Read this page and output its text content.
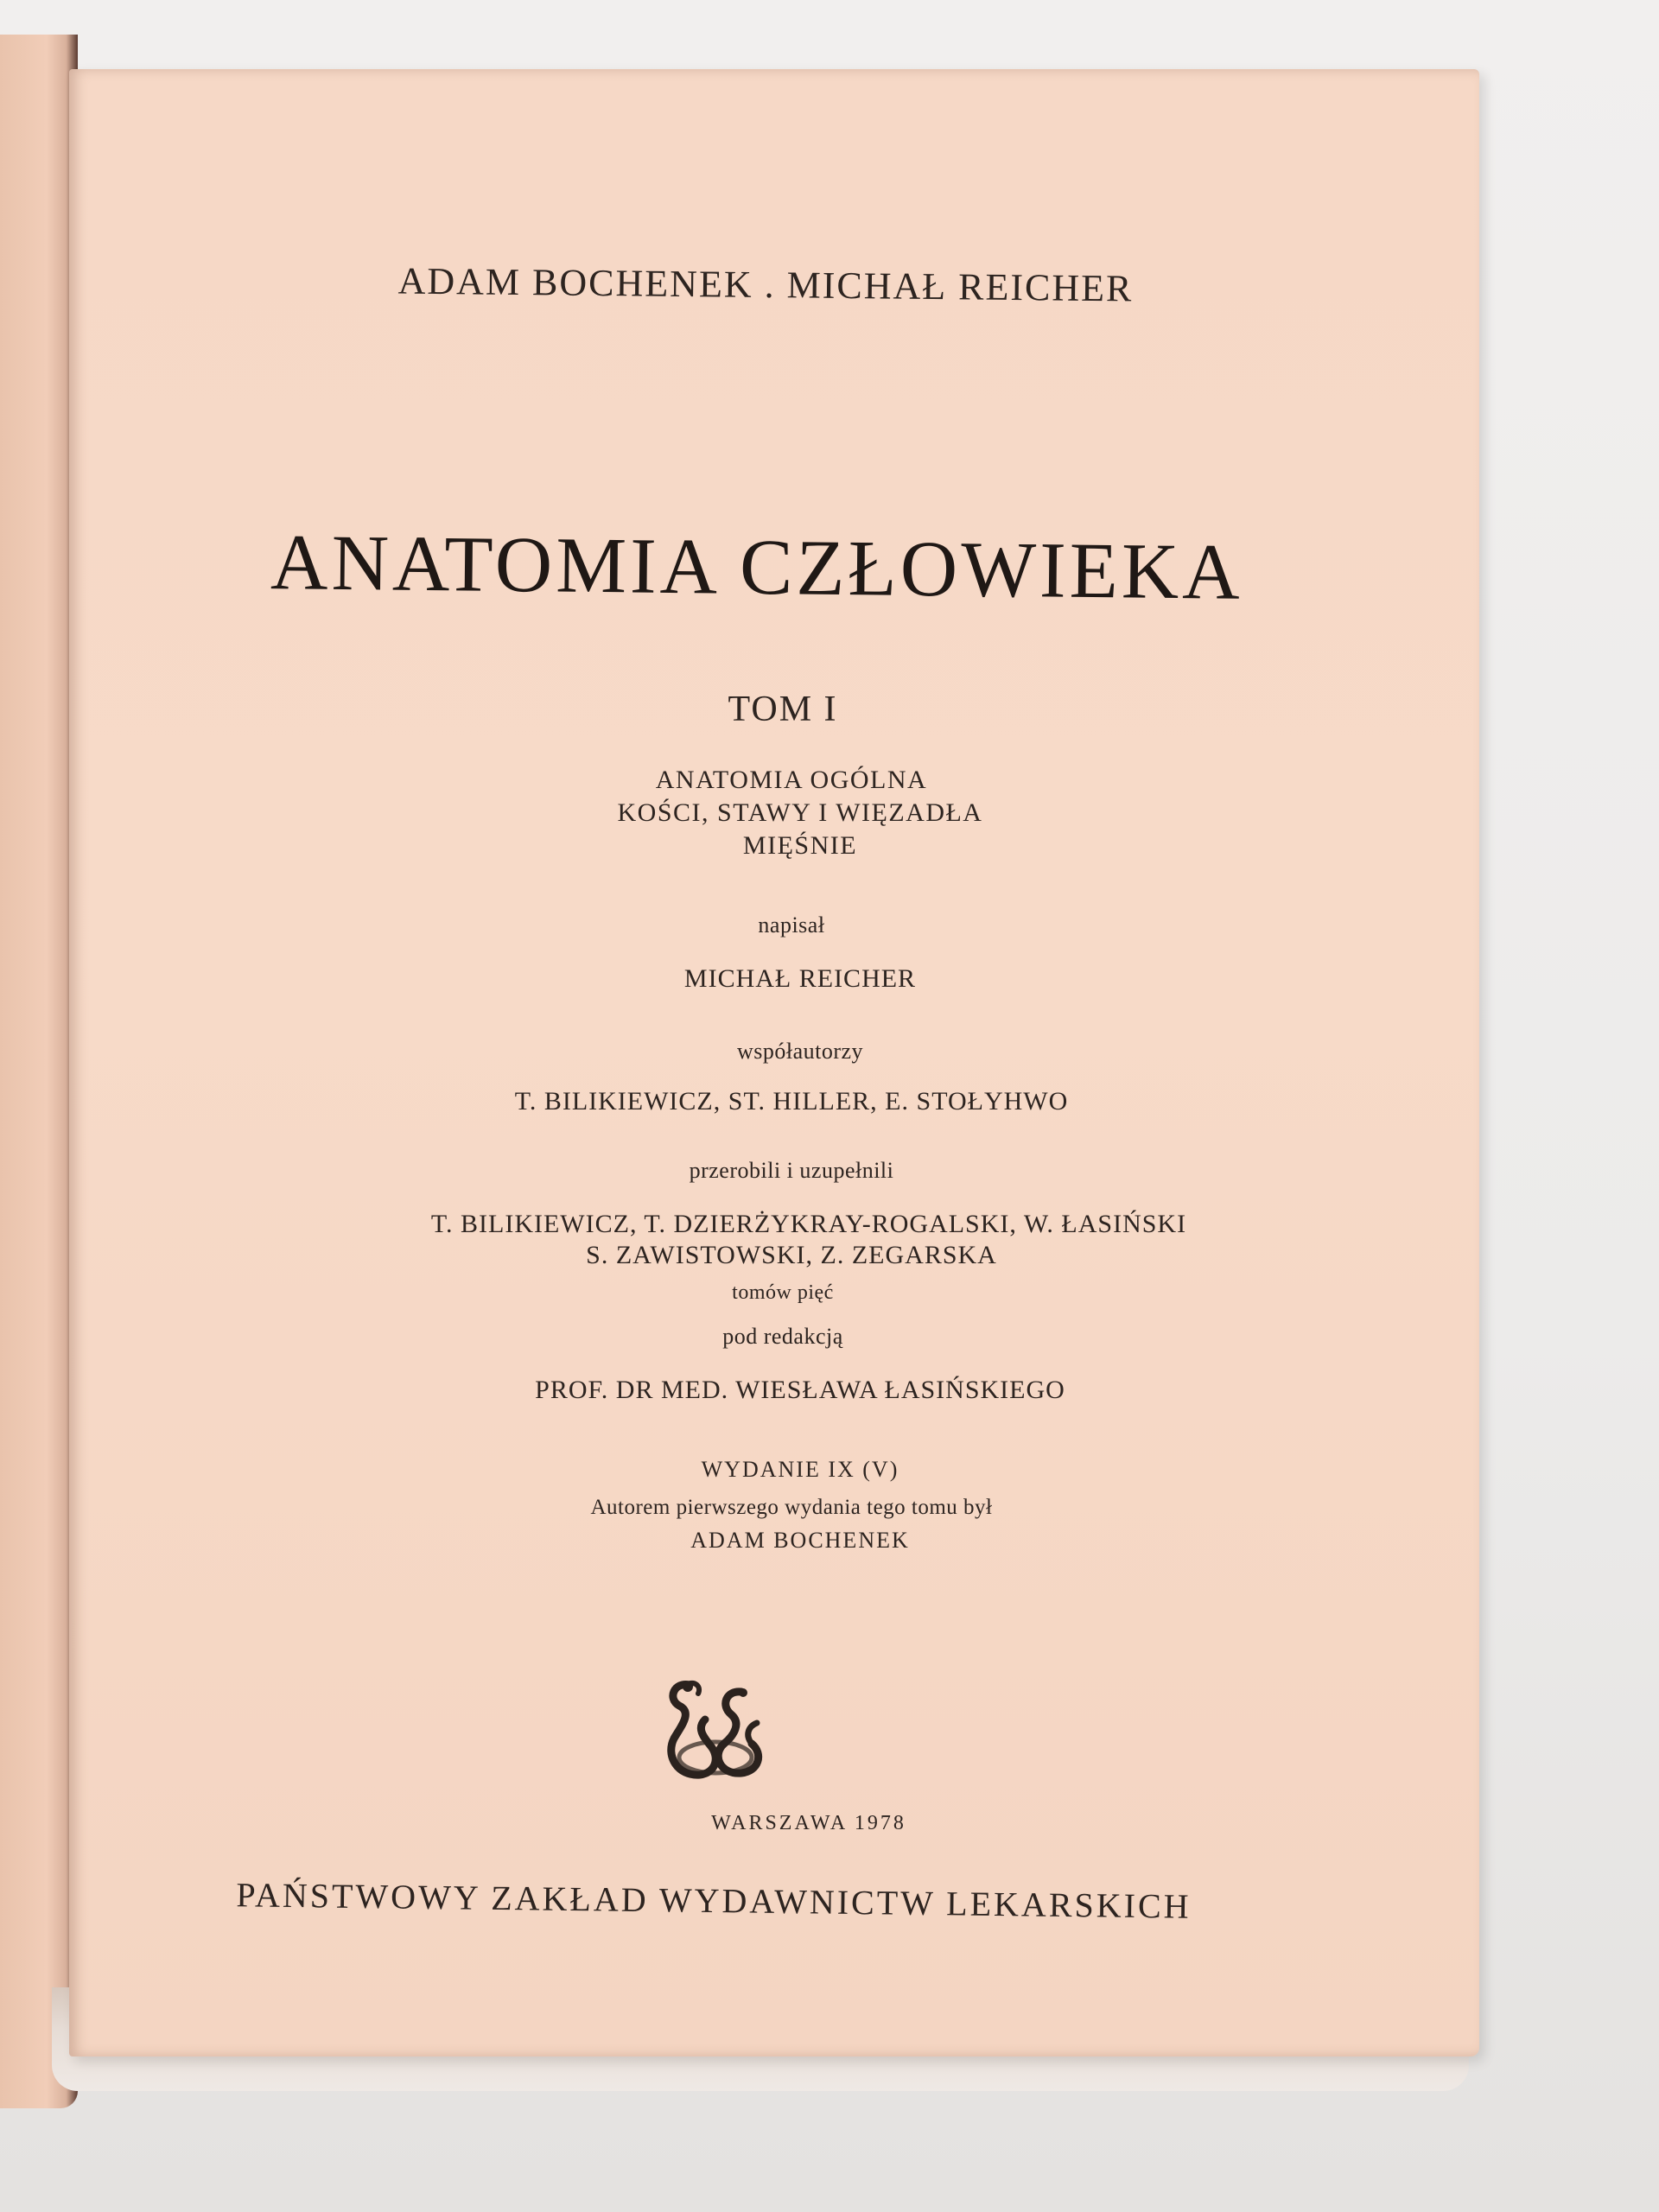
ADAM BOCHENEK . MICHAŁ REICHER
ANATOMIA CZŁOWIEKA
TOM I
ANATOMIA OGÓLNA
KOŚCI, STAWY I WIĘZADŁA
MIĘŚNIE
napisał
MICHAŁ REICHER
współautorzy
T. BILIKIEWICZ, ST. HILLER, E. STOŁYHWO
przerobili i uzupełnili
T. BILIKIEWICZ, T. DZIERŻYKRAY-ROGALSKI, W. ŁASIŃSKI
S. ZAWISTOWSKI, Z. ZEGARSKA
tomów pięć
pod redakcją
PROF. DR MED. WIESŁAWA ŁASIŃSKIEGO
WYDANIE IX (V)
Autorem pierwszego wydania tego tomu był
ADAM BOCHENEK
WARSZAWA 1978
PAŃSTWOWY ZAKŁAD WYDAWNICTW LEKARSKICH
